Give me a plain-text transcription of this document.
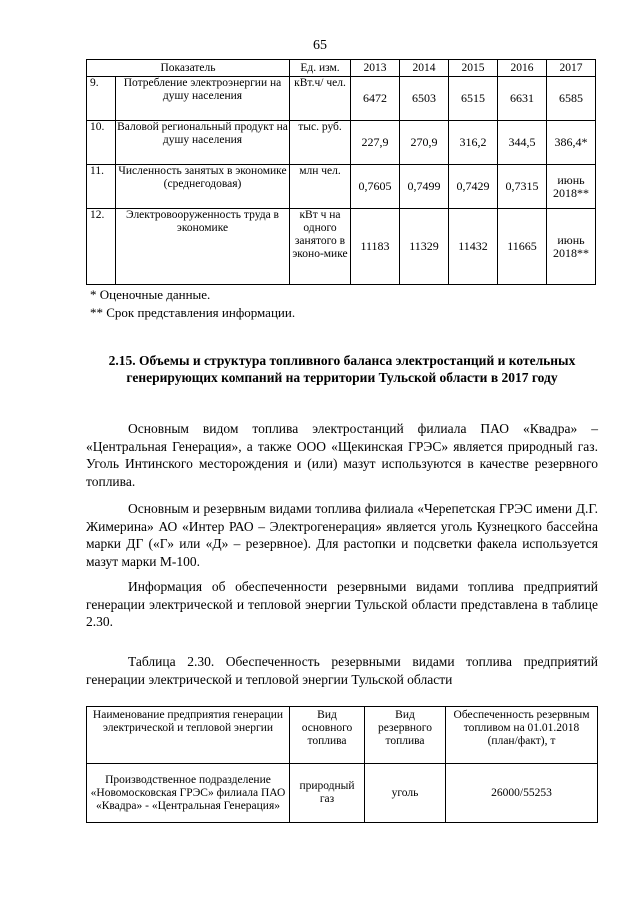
65
Показатель		Ед. изм.	2013	2014	2015	2016	2017
9.	Потребление электроэнергии на душу населения	кВт.ч/ чел.	6472	6503	6515	6631	6585
10.	Валовой региональный продукт на душу населения	тыс. руб.	227,9	270,9	316,2	344,5	386,4*
11.	Численность занятых в экономике (среднегодовая)	млн чел.	0,7605	0,7499	0,7429	0,7315	июнь 2018**
12.	Электровооруженность труда в экономике	кВт ч на одного занятого в эконо-мике	11183	11329	11432	11665	июнь 2018**
* Оценочные данные.
** Срок представления информации.
2.15. Объемы и структура топливного баланса электростанций и котельных генерирующих компаний на территории Тульской области в 2017 году

Основным видом топлива электростанций филиала ПАО «Квадра» – «Центральная Генерация», а также ООО «Щекинская ГРЭС» является природный газ. Уголь Интинского месторождения и (или) мазут используются в качестве резервного топлива.

Основным и резервным видами топлива филиала «Черепетская ГРЭС имени Д.Г. Жимерина» АО «Интер РАО – Электрогенерация» является уголь Кузнецкого бассейна марки ДГ («Г» или «Д» – резервное). Для растопки и подсветки факела используется мазут марки М-100.

Информация об обеспеченности резервными видами топлива предприятий генерации электрической и тепловой энергии Тульской области представлена в таблице 2.30.

Таблица 2.30. Обеспеченность резервными видами топлива предприятий генерации электрической и тепловой энергии Тульской области

Наименование предприятия генерации электрической и тепловой энергии	Вид основного топлива	Вид резервного топлива	Обеспеченность резервным топливом на 01.01.2018 (план/факт), т
Производственное подразделение «Новомосковская ГРЭС» филиала ПАО «Квадра» - «Центральная Генерация»	природный газ	уголь	26000/55253
